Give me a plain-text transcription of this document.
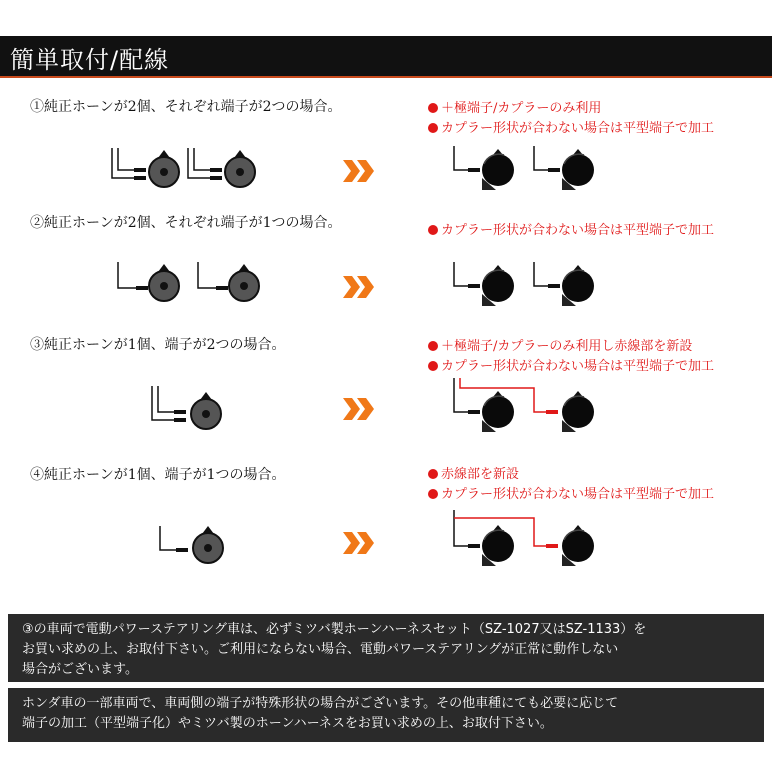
簡単取付/配線
①純正ホーンが2個、それぞれ端子が2つの場合。	＋極端子/カプラーのみ利用
カプラー形状が合わない場合は平型端子で加工
②純正ホーンが2個、それぞれ端子が1つの場合。	カプラー形状が合わない場合は平型端子で加工
③純正ホーンが1個、端子が2つの場合。	＋極端子/カプラーのみ利用し赤線部を新設
カプラー形状が合わない場合は平型端子で加工
④純正ホーンが1個、端子が1つの場合。	赤線部を新設
カプラー形状が合わない場合は平型端子で加工

③の車両で電動パワーステアリング車は、必ずミツバ製ホーンハーネスセット（SZ-1027又はSZ-1133）を

お買い求めの上、お取付下さい。ご利用にならない場合、電動パワーステアリングが正常に動作しない

場合がございます。

ホンダ車の一部車両で、車両側の端子が特殊形状の場合がございます。その他車種にても必要に応じて

端子の加工（平型端子化）やミツバ製のホーンハーネスをお買い求めの上、お取付下さい。
